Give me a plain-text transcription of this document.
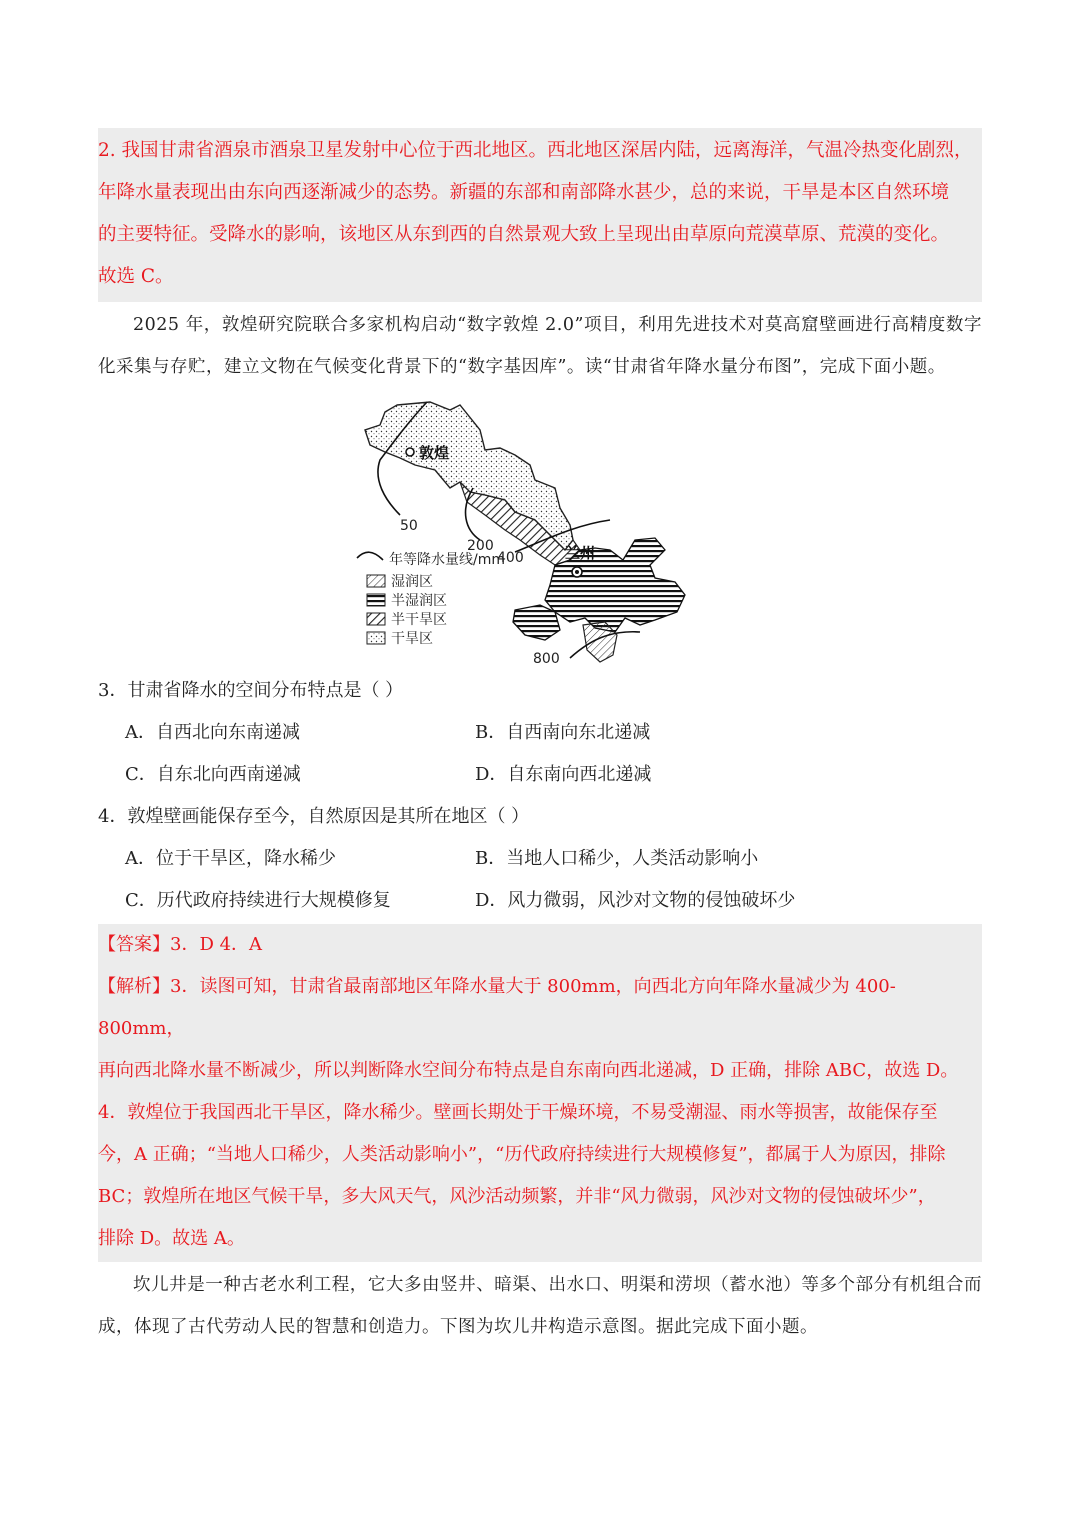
2. 我国甘肃省酒泉市酒泉卫星发射中心位于西北地区。西北地区深居内陆，远离海洋，气温冷热变化剧烈，

年降水量表现出由东向西逐渐减少的态势。新疆的东部和南部降水甚少，总的来说，干旱是本区自然环境

的主要特征。受降水的影响，该地区从东到西的自然景观大致上呈现出由草原向荒漠草原、荒漠的变化。

故选 C。

2025 年，敦煌研究院联合多家机构启动“数字敦煌 2.0”项目，利用先进技术对莫高窟壁画进行高精度数字化采集与存贮，建立文物在气候变化背景下的“数字基因库”。读“甘肃省年降水量分布图”，完成下面小题。

敦煌
兰州
50
200
400
800
年等降水量线/mm
湿润区
半湿润区
半干旱区
干旱区

3．甘肃省降水的空间分布特点是（ ）

A．自西北向东南递减	B．自西南向东北递减
C．自东北向西南递减	D．自东南向西北递减

4．敦煌壁画能保存至今，自然原因是其所在地区（ ）

A．位于干旱区，降水稀少	B．当地人口稀少，人类活动影响小
C．历代政府持续进行大规模修复	D．风力微弱，风沙对文物的侵蚀破坏少

【答案】3．D 4．A

【解析】3．读图可知，甘肃省最南部地区年降水量大于 800mm，向西北方向年降水量减少为 400-800mm，

再向西北降水量不断减少，所以判断降水空间分布特点是自东南向西北递减，D 正确，排除 ABC，故选 D。

4．敦煌位于我国西北干旱区，降水稀少。壁画长期处于干燥环境，不易受潮湿、雨水等损害，故能保存至

今，A 正确；“当地人口稀少，人类活动影响小”，“历代政府持续进行大规模修复”，都属于人为原因，排除

BC；敦煌所在地区气候干旱，多大风天气，风沙活动频繁，并非“风力微弱，风沙对文物的侵蚀破坏少”，

排除 D。故选 A。

坎儿井是一种古老水利工程，它大多由竖井、暗渠、出水口、明渠和涝坝（蓄水池）等多个部分有机组合而成，体现了古代劳动人民的智慧和创造力。下图为坎儿井构造示意图。据此完成下面小题。
